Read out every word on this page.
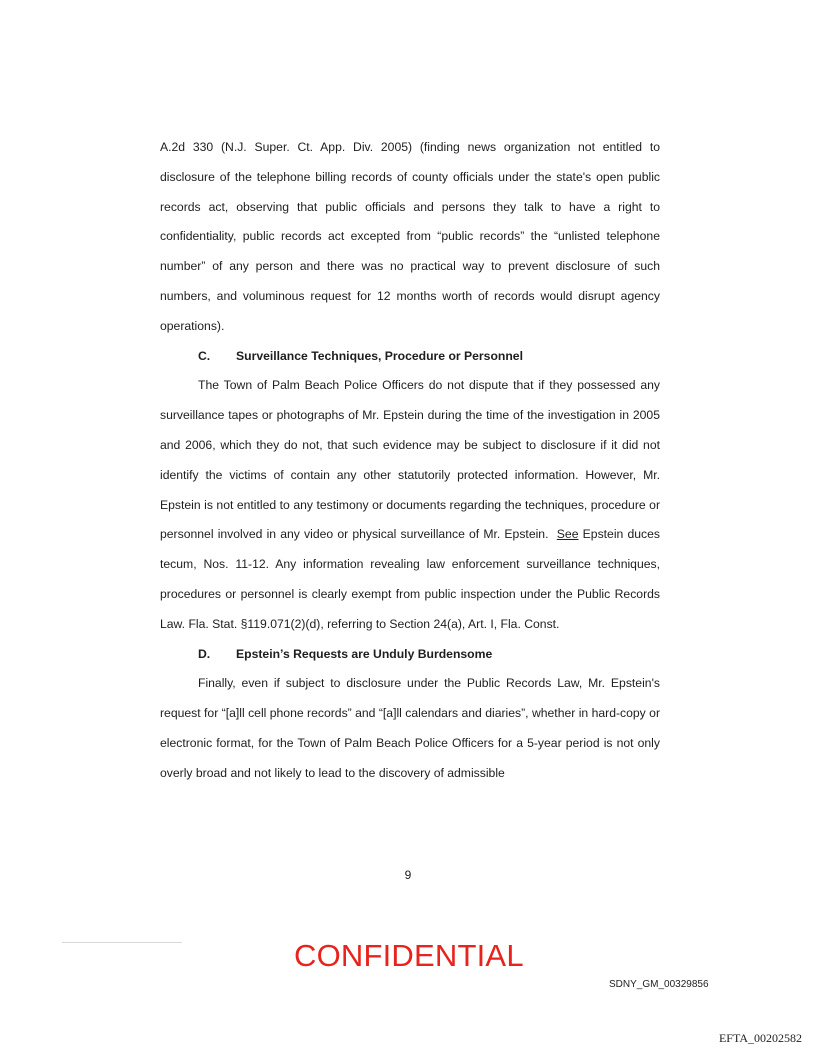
A.2d 330 (N.J. Super. Ct. App. Div. 2005) (finding news organization not entitled to disclosure of the telephone billing records of county officials under the state's open public records act, observing that public officials and persons they talk to have a right to confidentiality, public records act excepted from “public records” the “unlisted telephone number” of any person and there was no practical way to prevent disclosure of such numbers, and voluminous request for 12 months worth of records would disrupt agency operations).

C. Surveillance Techniques, Procedure or Personnel

The Town of Palm Beach Police Officers do not dispute that if they possessed any surveillance tapes or photographs of Mr. Epstein during the time of the investigation in 2005 and 2006, which they do not, that such evidence may be subject to disclosure if it did not identify the victims of contain any other statutorily protected information. However, Mr. Epstein is not entitled to any testimony or documents regarding the techniques, procedure or personnel involved in any video or physical surveillance of Mr. Epstein. See Epstein duces tecum, Nos. 11-12. Any information revealing law enforcement surveillance techniques, procedures or personnel is clearly exempt from public inspection under the Public Records Law. Fla. Stat. §119.071(2)(d), referring to Section 24(a), Art. I, Fla. Const.

D. Epstein’s Requests are Unduly Burdensome

Finally, even if subject to disclosure under the Public Records Law, Mr. Epstein's request for “[a]ll cell phone records” and “[a]ll calendars and diaries”, whether in hard-copy or electronic format, for the Town of Palm Beach Police Officers for a 5-year period is not only overly broad and not likely to lead to the discovery of admissible

9
CONFIDENTIAL
SDNY_GM_00329856
EFTA_00202582
